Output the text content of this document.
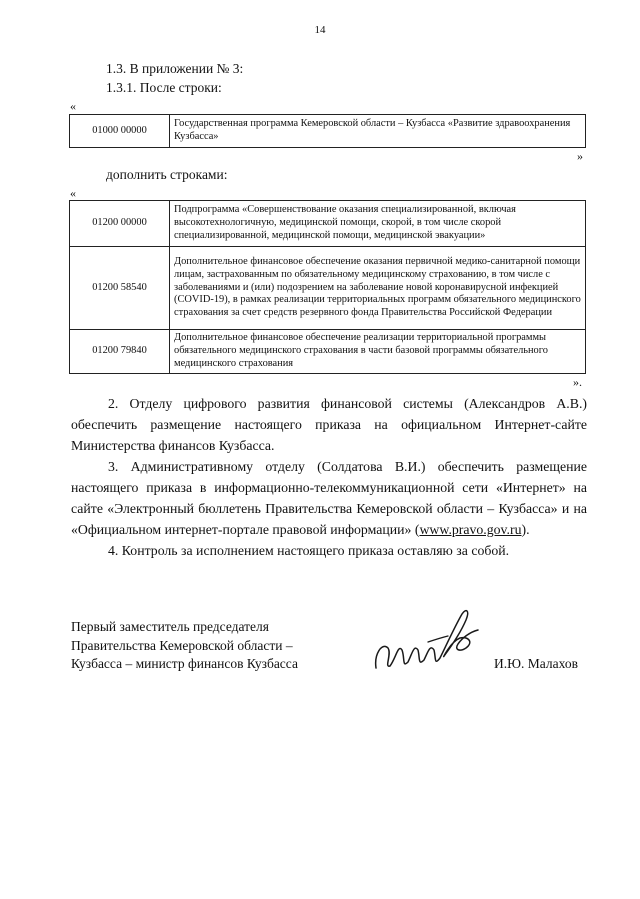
14
1.3. В приложении № 3:
1.3.1. После строки:
«
01000 00000	Государственная программа Кемеровской области – Кузбасса «Развитие здравоохранения Кузбасса»
»
дополнить строками:
«
01200 00000	Подпрограмма «Совершенствование оказания специализированной, включая высокотехнологичную, медицинской помощи, скорой, в том числе скорой специализированной, медицинской помощи, медицинской эвакуации»
01200 58540	Дополнительное финансовое обеспечение оказания первичной медико-санитарной помощи лицам, застрахованным по обязательному медицинскому страхованию, в том числе с заболеваниями и (или) подозрением на заболевание новой коронавирусной инфекцией (COVID-19), в рамках реализации территориальных программ обязательного медицинского страхования за счет средств резервного фонда Правительства Российской Федерации
01200 79840	Дополнительное финансовое обеспечение реализации территориальной программы обязательного медицинского страхования в части базовой программы обязательного медицинского страхования
».
2. Отделу цифрового развития финансовой системы (Александров А.В.) обеспечить размещение настоящего приказа на официальном Интернет-сайте Министерства финансов Кузбасса.
3. Административному отделу (Солдатова В.И.) обеспечить размещение настоящего приказа в информационно-телекоммуникационной сети «Интернет» на сайте «Электронный бюллетень Правительства Кемеровской области – Кузбасса» и на «Официальном интернет-портале правовой информации» (www.pravo.gov.ru).
4. Контроль за исполнением настоящего приказа оставляю за собой.
Первый заместитель председателя
Правительства Кемеровской области –
Кузбасса – министр финансов Кузбасса	И.Ю. Малахов
